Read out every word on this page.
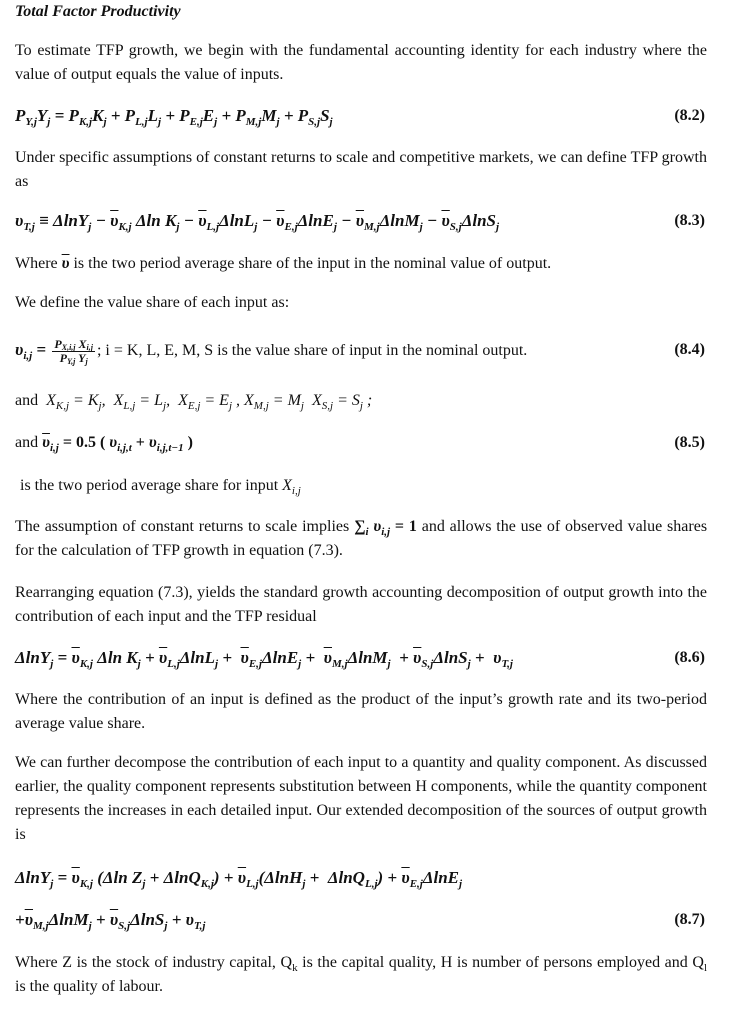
Total Factor Productivity

To estimate TFP growth, we begin with the fundamental accounting identity for each industry where the value of output equals the value of inputs.

$P_{Y,j}Y_j = P_{K,j}K_j + P_{L,j}L_j + P_{E,j}E_j + P_{M,j}M_j + P_{S,j}S_j$	(8.2)

Under specific assumptions of constant returns to scale and competitive markets, we can define TFP growth as

$\upsilon_{T,j} \equiv \Delta\ln Y_j - \overline{\upsilon}_{K,j}$ Δln $K_j - \overline{\upsilon}_{L,j}\Delta\ln L_j - \overline{\upsilon}_{E,j}\Delta\ln E_j - \overline{\upsilon}_{M,j}\Delta\ln M_j - \overline{\upsilon}_{S,j}\Delta\ln S_j$	(8.3)

Where $\overline{\upsilon}$ is the two period average share of the input in the nominal value of output.

We define the value share of each input as:

$\upsilon_{i,j} = \frac{P_{X,i,j} X_{i,j}}{P_{Y,j} Y_j}$ ; i = K, L, E, M, S is the value share of input in the nominal output.	(8.4)
and $X_{K,j} = K_j$,  $X_{L,j} = L_j$,  $X_{E,j} = E_j$ , $X_{M,j} = M_j$  $X_{S,j} = S_j$ ;
and $\overline{\upsilon}_{i,j} = 0.5$ ( $\upsilon_{i,j,t} + \upsilon_{i,j,t-1}$ )	(8.5)

is the two period average share for input $X_{i,j}$

The assumption of constant returns to scale implies $\sum_i$ $\upsilon_{i,j} = 1$ and allows the use of observed value shares for the calculation of TFP growth in equation (7.3).

Rearranging equation (7.3), yields the standard growth accounting decomposition of output growth into the contribution of each input and the TFP residual

$\Delta\ln Y_j = \overline{\upsilon}_{K,j}$ Δln $K_j + \overline{\upsilon}_{L,j}\Delta\ln L_j + \overline{\upsilon}_{E,j}\Delta\ln E_j + \overline{\upsilon}_{M,j}\Delta\ln M_j + \overline{\upsilon}_{S,j}\Delta\ln S_j + \upsilon_{T,j}$	(8.6)

Where the contribution of an input is defined as the product of the input’s growth rate and its two-period average value share.

We can further decompose the contribution of each input to a quantity and quality component. As discussed earlier, the quality component represents substitution between H components, while the quantity component represents the increases in each detailed input. Our extended decomposition of the sources of output growth is

$\Delta\ln Y_j = \overline{\upsilon}_{K,j}$ (Δln $Z_j + \Delta\ln Q_{K,j}) + \overline{\upsilon}_{L,j}(\Delta\ln H_j + \Delta\ln Q_{L,j}) + \overline{\upsilon}_{E,j}\Delta\ln E_j$
$+\overline{\upsilon}_{M,j}\Delta\ln M_j + \overline{\upsilon}_{S,j}\Delta\ln S_j + \upsilon_{T,j}$	(8.7)

Where Z is the stock of industry capital, $Q_k$ is the capital quality, H is number of persons employed and $Q_l$ is the quality of labour.
